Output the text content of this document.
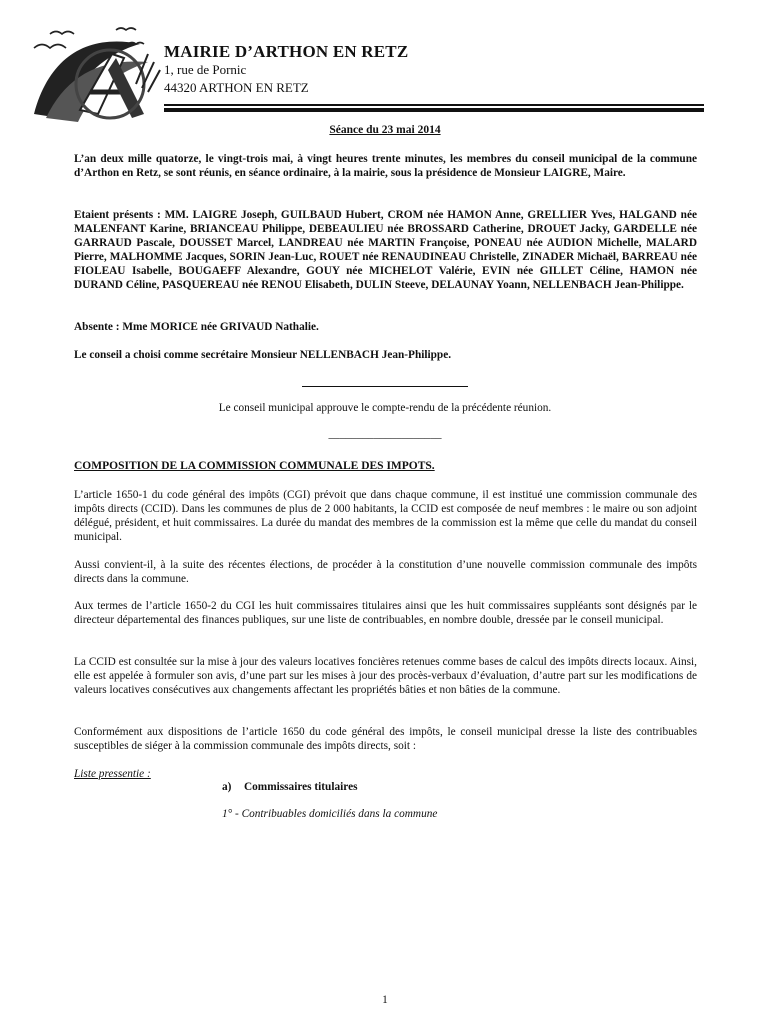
MAIRIE D’ARTHON EN RETZ
1, rue de Pornic
44320 ARTHON EN RETZ
Séance du 23 mai 2014
L’an deux mille quatorze, le vingt-trois mai, à vingt heures trente minutes, les membres du conseil municipal de la commune d’Arthon en Retz, se sont réunis, en séance ordinaire, à la mairie, sous la présidence de Monsieur LAIGRE, Maire.
Etaient présents : MM. LAIGRE Joseph, GUILBAUD Hubert, CROM née HAMON Anne, GRELLIER Yves, HALGAND née MALENFANT Karine, BRIANCEAU Philippe, DEBEAULIEU née BROSSARD Catherine, DROUET Jacky, GARDELLE née GARRAUD Pascale, DOUSSET Marcel, LANDREAU née MARTIN Françoise, PONEAU née AUDION Michelle, MALARD Pierre, MALHOMME Jacques, SORIN Jean-Luc, ROUET née RENAUDINEAU Christelle, ZINADER Michaël, BARREAU née FIOLEAU Isabelle, BOUGAEFF Alexandre, GOUY née MICHELOT Valérie, EVIN née GILLET Céline, HAMON née DURAND Céline, PASQUEREAU née RENOU Elisabeth, DULIN Steeve, DELAUNAY Yoann, NELLENBACH Jean-Philippe.
Absente : Mme MORICE née GRIVAUD Nathalie.
Le conseil a choisi comme secrétaire Monsieur NELLENBACH Jean-Philippe.
Le conseil municipal approuve le compte-rendu de la précédente réunion.
____________________
COMPOSITION DE LA COMMISSION COMMUNALE DES IMPOTS.
L’article 1650-1 du code général des impôts (CGI) prévoit que dans chaque commune, il est institué une commission communale des impôts directs (CCID). Dans les communes de plus de 2 000 habitants, la CCID est composée de neuf membres : le maire ou son adjoint délégué, président, et huit commissaires. La durée du mandat des membres de la commission est la même que celle du mandat du conseil municipal.
Aussi convient-il, à la suite des récentes élections, de procéder à la constitution d’une nouvelle commission communale des impôts directs dans la commune.
Aux termes de l’article 1650-2 du CGI les huit commissaires titulaires ainsi que les huit commissaires suppléants sont désignés par le directeur départemental des finances publiques, sur une liste de contribuables, en nombre double, dressée par le conseil municipal.
La CCID est consultée sur la mise à jour des valeurs locatives foncières retenues comme bases de calcul des impôts directs locaux. Ainsi, elle est appelée à formuler son avis, d’une part sur les mises à jour des procès-verbaux d’évaluation, d’autre part sur les modifications de valeurs locatives consécutives aux changements affectant les propriétés bâties et non bâties de la commune.
Conformément aux dispositions de l’article 1650 du code général des impôts, le conseil municipal dresse la liste des contribuables susceptibles de siéger à la commission communale des impôts directs, soit :
Liste pressentie :
a) Commissaires titulaires
1° - Contribuables domiciliés dans la commune
1
